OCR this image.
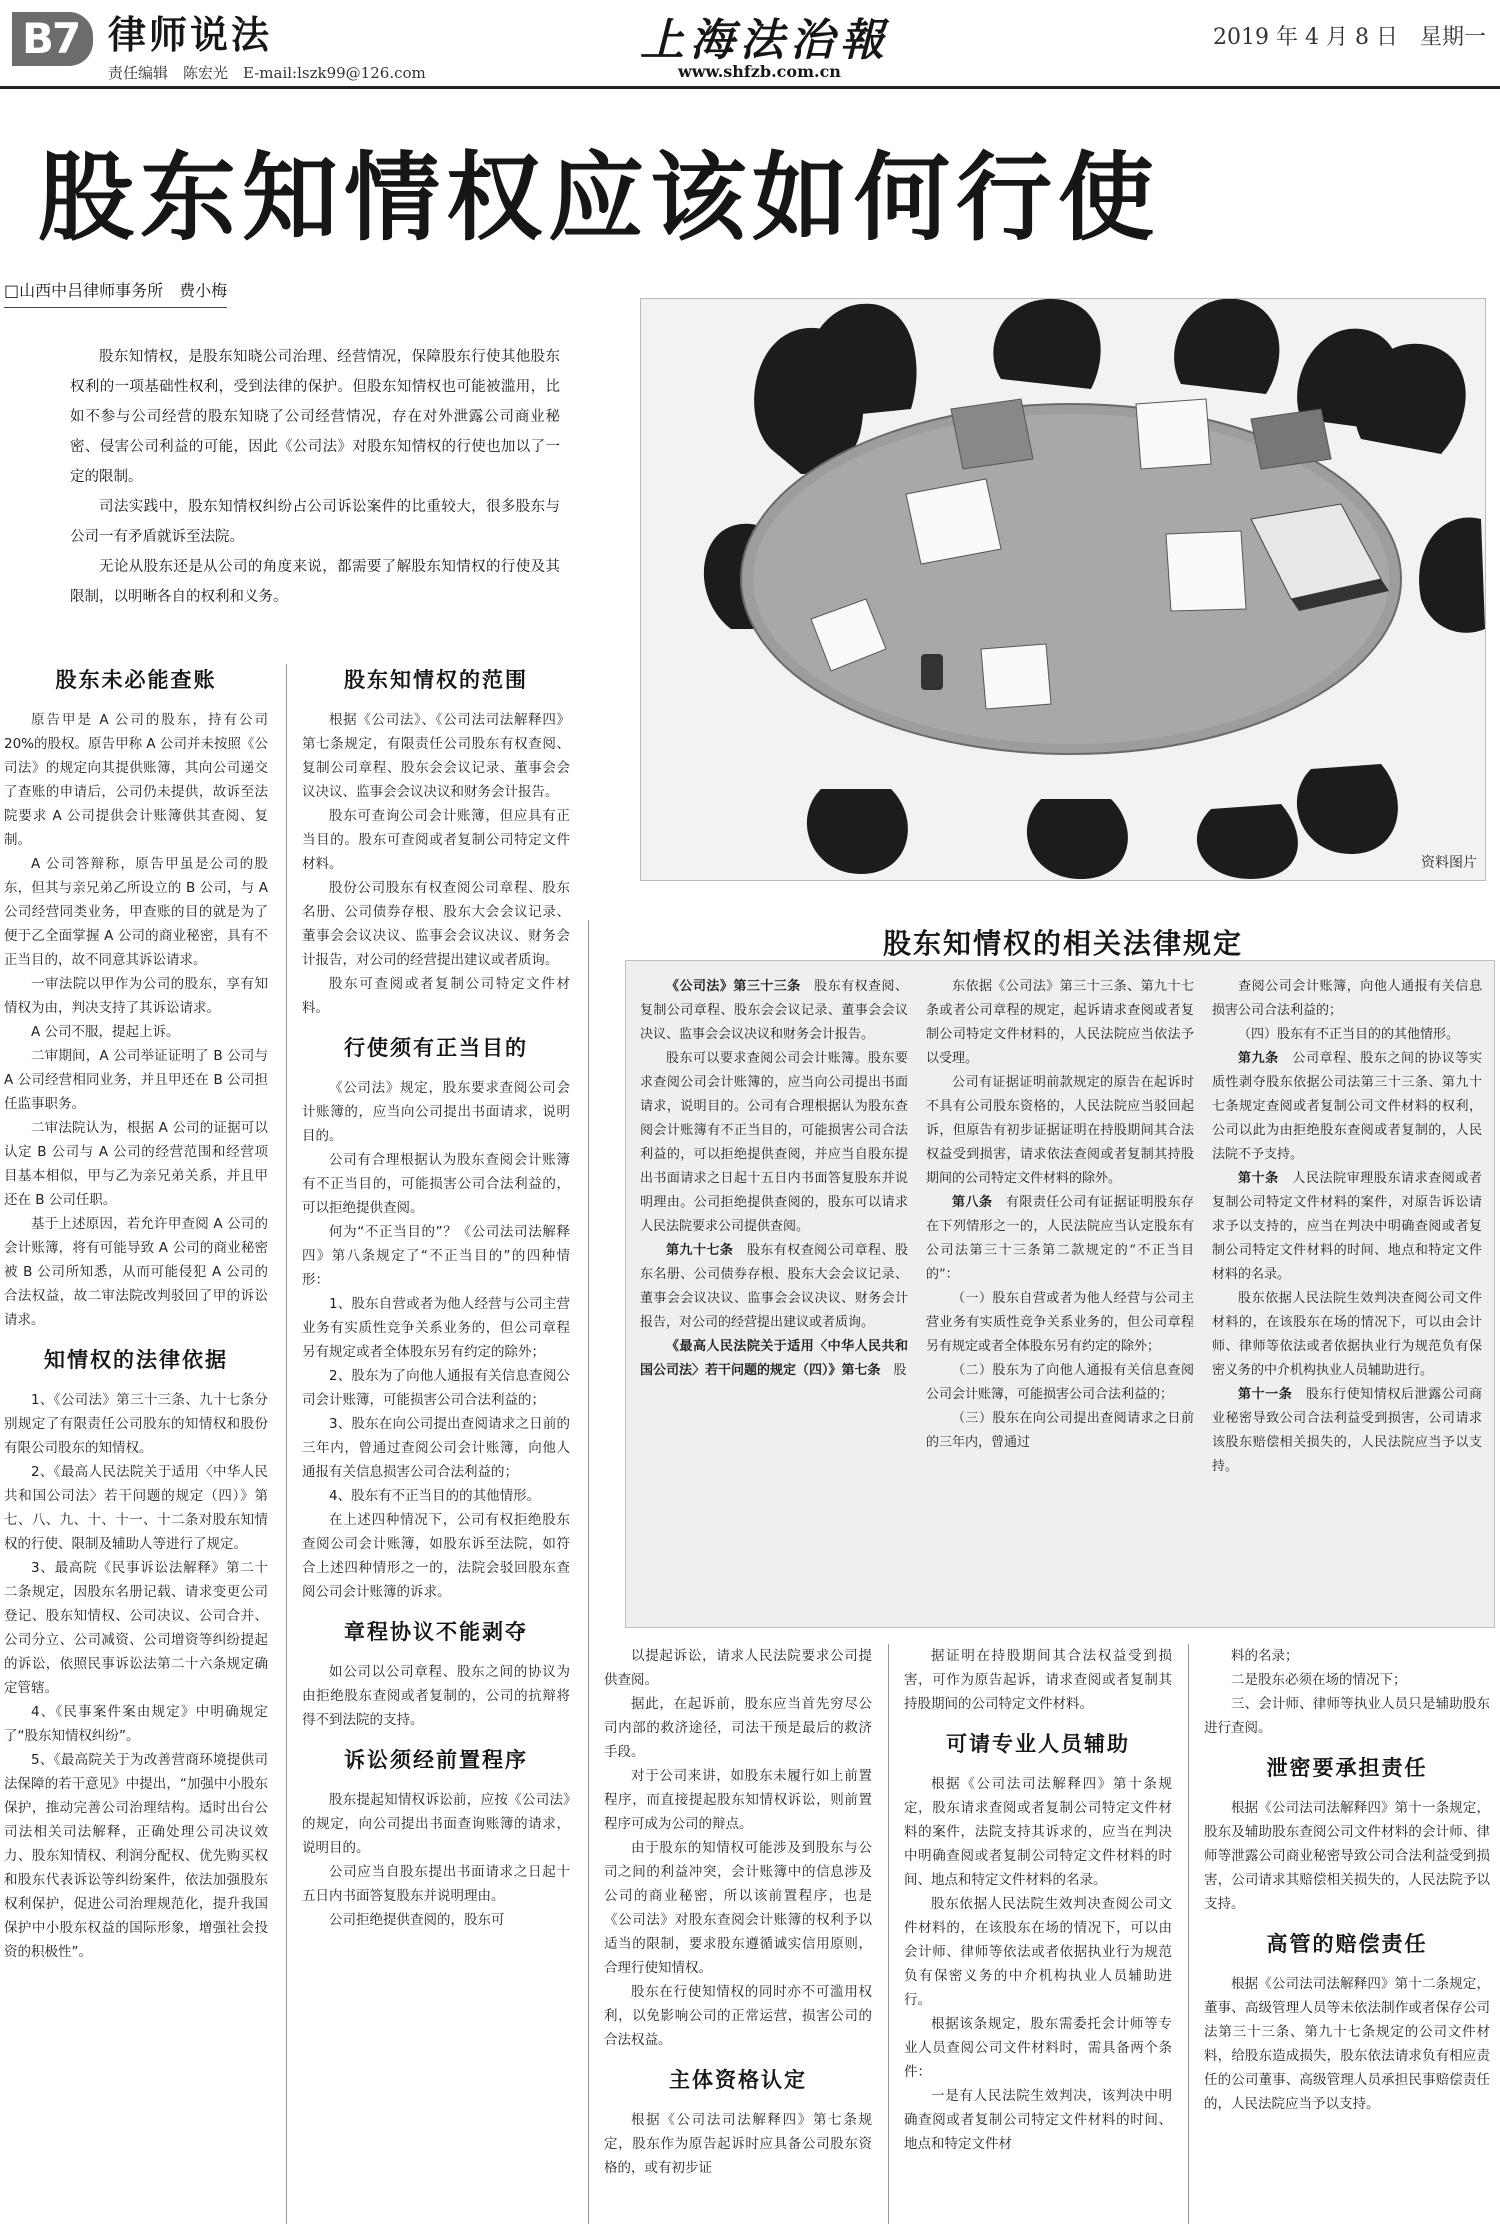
B7 律师说法
责任编辑　陈宏光　E-mail:lszk99@126.com
上海法治報
www.shfzb.com.cn
2019 年 4 月 8 日　星期一
股东知情权应该如何行使
□山西中吕律师事务所　费小梅

股东知情权，是股东知晓公司治理、经营情况，保障股东行使其他股东权利的一项基础性权利，受到法律的保护。但股东知情权也可能被滥用，比如不参与公司经营的股东知晓了公司经营情况，存在对外泄露公司商业秘密、侵害公司利益的可能，因此《公司法》对股东知情权的行使也加以了一定的限制。

司法实践中，股东知情权纠纷占公司诉讼案件的比重较大，很多股东与公司一有矛盾就诉至法院。

无论从股东还是从公司的角度来说，都需要了解股东知情权的行使及其限制，以明晰各自的权利和义务。

资料图片
股东未必能查账

原告甲是 A 公司的股东，持有公司 20%的股权。原告甲称 A 公司并未按照《公司法》的规定向其提供账簿，其向公司递交了查账的申请后，公司仍未提供，故诉至法院要求 A 公司提供会计账簿供其查阅、复制。

A 公司答辩称，原告甲虽是公司的股东，但其与亲兄弟乙所设立的 B 公司，与 A 公司经营同类业务，甲查账的目的就是为了便于乙全面掌握 A 公司的商业秘密，具有不正当目的，故不同意其诉讼请求。

一审法院以甲作为公司的股东，享有知情权为由，判决支持了其诉讼请求。

A 公司不服，提起上诉。

二审期间，A 公司举证证明了 B 公司与 A 公司经营相同业务，并且甲还在 B 公司担任监事职务。

二审法院认为，根据 A 公司的证据可以认定 B 公司与 A 公司的经营范围和经营项目基本相似，甲与乙为亲兄弟关系，并且甲还在 B 公司任职。

基于上述原因，若允许甲查阅 A 公司的会计账簿，将有可能导致 A 公司的商业秘密被 B 公司所知悉，从而可能侵犯 A 公司的合法权益，故二审法院改判驳回了甲的诉讼请求。

知情权的法律依据

1、《公司法》第三十三条、九十七条分别规定了有限责任公司股东的知情权和股份有限公司股东的知情权。

2、《最高人民法院关于适用〈中华人民共和国公司法〉若干问题的规定（四）》第七、八、九、十、十一、十二条对股东知情权的行使、限制及辅助人等进行了规定。

3、最高院《民事诉讼法解释》第二十二条规定，因股东名册记载、请求变更公司登记、股东知情权、公司决议、公司合并、公司分立、公司减资、公司增资等纠纷提起的诉讼，依照民事诉讼法第二十六条规定确定管辖。

4、《民事案件案由规定》中明确规定了“股东知情权纠纷”。

5、《最高院关于为改善营商环境提供司法保障的若干意见》中提出，“加强中小股东保护，推动完善公司治理结构。适时出台公司法相关司法解释，正确处理公司决议效力、股东知情权、利润分配权、优先购买权和股东代表诉讼等纠纷案件，依法加强股东权利保护，促进公司治理规范化，提升我国保护中小股东权益的国际形象，增强社会投资的积极性”。

股东知情权的范围

根据《公司法》、《公司法司法解释四》第七条规定，有限责任公司股东有权查阅、复制公司章程、股东会会议记录、董事会会议决议、监事会会议决议和财务会计报告。

股东可查询公司会计账簿，但应具有正当目的。股东可查阅或者复制公司特定文件材料。

股份公司股东有权查阅公司章程、股东名册、公司债券存根、股东大会会议记录、董事会会议决议、监事会会议决议、财务会计报告，对公司的经营提出建议或者质询。

股东可查阅或者复制公司特定文件材料。

行使须有正当目的

《公司法》规定，股东要求查阅公司会计账簿的，应当向公司提出书面请求，说明目的。

公司有合理根据认为股东查阅会计账簿有不正当目的，可能损害公司合法利益的，可以拒绝提供查阅。

何为“不正当目的”？《公司法司法解释四》第八条规定了“不正当目的”的四种情形：

1、股东自营或者为他人经营与公司主营业务有实质性竞争关系业务的，但公司章程另有规定或者全体股东另有约定的除外；

2、股东为了向他人通报有关信息查阅公司会计账簿，可能损害公司合法利益的；

3、股东在向公司提出查阅请求之日前的三年内，曾通过查阅公司会计账簿，向他人通报有关信息损害公司合法利益的；

4、股东有不正当目的的其他情形。

在上述四种情况下，公司有权拒绝股东查阅公司会计账簿，如股东诉至法院，如符合上述四种情形之一的，法院会驳回股东查阅公司会计账簿的诉求。

章程协议不能剥夺

如公司以公司章程、股东之间的协议为由拒绝股东查阅或者复制的，公司的抗辩将得不到法院的支持。

诉讼须经前置程序

股东提起知情权诉讼前，应按《公司法》的规定，向公司提出书面查询账簿的请求，说明目的。

公司应当自股东提出书面请求之日起十五日内书面答复股东并说明理由。

公司拒绝提供查阅的，股东可

股东知情权的相关法律规定

《公司法》第三十三条　股东有权查阅、复制公司章程、股东会会议记录、董事会会议决议、监事会会议决议和财务会计报告。

股东可以要求查阅公司会计账簿。股东要求查阅公司会计账簿的，应当向公司提出书面请求，说明目的。公司有合理根据认为股东查阅会计账簿有不正当目的，可能损害公司合法利益的，可以拒绝提供查阅，并应当自股东提出书面请求之日起十五日内书面答复股东并说明理由。公司拒绝提供查阅的，股东可以请求人民法院要求公司提供查阅。

第九十七条　股东有权查阅公司章程、股东名册、公司债券存根、股东大会会议记录、董事会会议决议、监事会会议决议、财务会计报告，对公司的经营提出建议或者质询。

《最高人民法院关于适用〈中华人民共和国公司法〉若干问题的规定（四）》第七条　股

东依据《公司法》第三十三条、第九十七条或者公司章程的规定，起诉请求查阅或者复制公司特定文件材料的，人民法院应当依法予以受理。

公司有证据证明前款规定的原告在起诉时不具有公司股东资格的，人民法院应当驳回起诉，但原告有初步证据证明在持股期间其合法权益受到损害，请求依法查阅或者复制其持股期间的公司特定文件材料的除外。

第八条　有限责任公司有证据证明股东存在下列情形之一的，人民法院应当认定股东有公司法第三十三条第二款规定的“不正当目的”：

（一）股东自营或者为他人经营与公司主营业务有实质性竞争关系业务的，但公司章程另有规定或者全体股东另有约定的除外；

（二）股东为了向他人通报有关信息查阅公司会计账簿，可能损害公司合法利益的；

（三）股东在向公司提出查阅请求之日前的三年内，曾通过

查阅公司会计账簿，向他人通报有关信息损害公司合法利益的；

（四）股东有不正当目的的其他情形。

第九条　公司章程、股东之间的协议等实质性剥夺股东依据公司法第三十三条、第九十七条规定查阅或者复制公司文件材料的权利，公司以此为由拒绝股东查阅或者复制的，人民法院不予支持。

第十条　人民法院审理股东请求查阅或者复制公司特定文件材料的案件，对原告诉讼请求予以支持的，应当在判决中明确查阅或者复制公司特定文件材料的时间、地点和特定文件材料的名录。

股东依据人民法院生效判决查阅公司文件材料的，在该股东在场的情况下，可以由会计师、律师等依法或者依据执业行为规范负有保密义务的中介机构执业人员辅助进行。

第十一条　股东行使知情权后泄露公司商业秘密导致公司合法利益受到损害，公司请求该股东赔偿相关损失的，人民法院应当予以支持。

以提起诉讼，请求人民法院要求公司提供查阅。

据此，在起诉前，股东应当首先穷尽公司内部的救济途径，司法干预是最后的救济手段。

对于公司来讲，如股东未履行如上前置程序，而直接提起股东知情权诉讼，则前置程序可成为公司的辩点。

由于股东的知情权可能涉及到股东与公司之间的利益冲突，会计账簿中的信息涉及公司的商业秘密，所以该前置程序，也是《公司法》对股东查阅会计账簿的权利予以适当的限制，要求股东遵循诚实信用原则，合理行使知情权。

股东在行使知情权的同时亦不可滥用权利，以免影响公司的正常运营，损害公司的合法权益。

主体资格认定

根据《公司法司法解释四》第七条规定，股东作为原告起诉时应具备公司股东资格的，或有初步证

据证明在持股期间其合法权益受到损害，可作为原告起诉，请求查阅或者复制其持股期间的公司特定文件材料。

可请专业人员辅助

根据《公司法司法解释四》第十条规定，股东请求查阅或者复制公司特定文件材料的案件，法院支持其诉求的，应当在判决中明确查阅或者复制公司特定文件材料的时间、地点和特定文件材料的名录。

股东依据人民法院生效判决查阅公司文件材料的，在该股东在场的情况下，可以由会计师、律师等依法或者依据执业行为规范负有保密义务的中介机构执业人员辅助进行。

根据该条规定，股东需委托会计师等专业人员查阅公司文件材料时，需具备两个条件：

一是有人民法院生效判决，该判决中明确查阅或者复制公司特定文件材料的时间、地点和特定文件材

料的名录；

二是股东必须在场的情况下；

三、会计师、律师等执业人员只是辅助股东进行查阅。

泄密要承担责任

根据《公司法司法解释四》第十一条规定，股东及辅助股东查阅公司文件材料的会计师、律师等泄露公司商业秘密导致公司合法利益受到损害，公司请求其赔偿相关损失的，人民法院予以支持。

高管的赔偿责任

根据《公司法司法解释四》第十二条规定，董事、高级管理人员等未依法制作或者保存公司法第三十三条、第九十七条规定的公司文件材料，给股东造成损失，股东依法请求负有相应责任的公司董事、高级管理人员承担民事赔偿责任的，人民法院应当予以支持。
